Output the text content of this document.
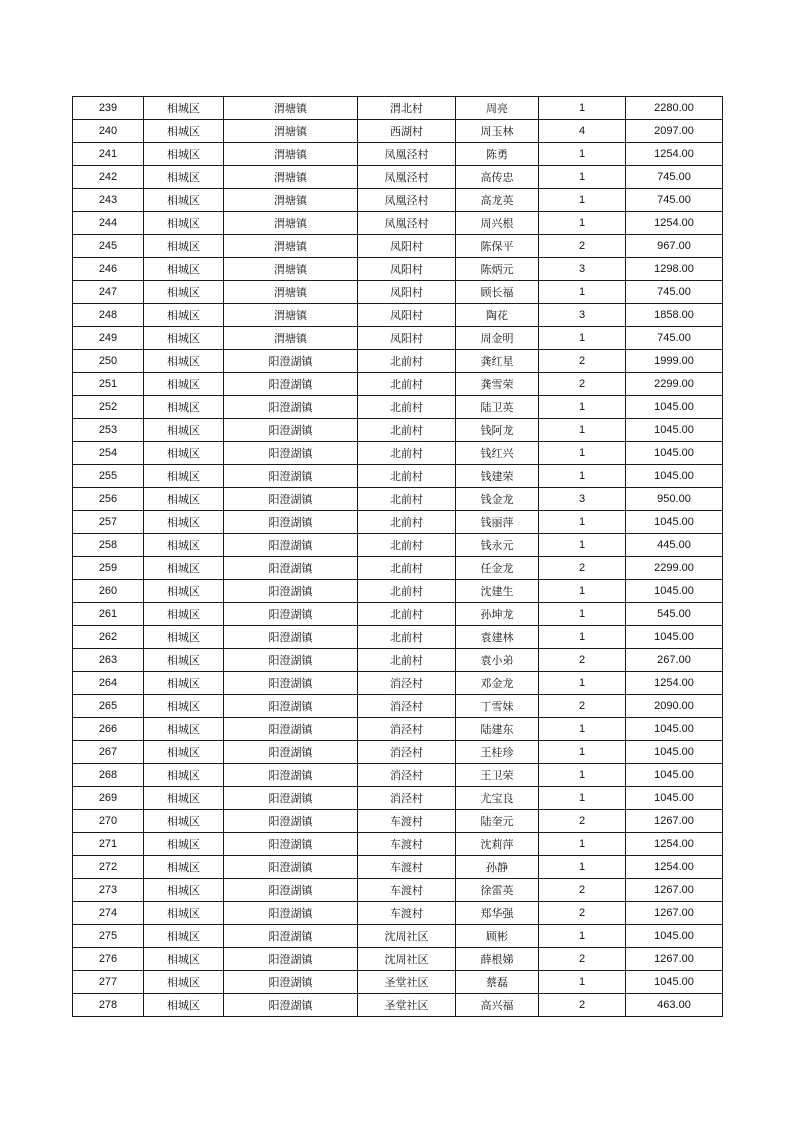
239	相城区	渭塘镇	渭北村	周亮	1	2280.00
240	相城区	渭塘镇	西湖村	周玉林	4	2097.00
241	相城区	渭塘镇	凤凰泾村	陈勇	1	1254.00
242	相城区	渭塘镇	凤凰泾村	高传忠	1	745.00
243	相城区	渭塘镇	凤凰泾村	高龙英	1	745.00
244	相城区	渭塘镇	凤凰泾村	周兴根	1	1254.00
245	相城区	渭塘镇	凤阳村	陈保平	2	967.00
246	相城区	渭塘镇	凤阳村	陈炳元	3	1298.00
247	相城区	渭塘镇	凤阳村	顾长福	1	745.00
248	相城区	渭塘镇	凤阳村	陶花	3	1858.00
249	相城区	渭塘镇	凤阳村	周金明	1	745.00
250	相城区	阳澄湖镇	北前村	龚红星	2	1999.00
251	相城区	阳澄湖镇	北前村	龚雪荣	2	2299.00
252	相城区	阳澄湖镇	北前村	陆卫英	1	1045.00
253	相城区	阳澄湖镇	北前村	钱阿龙	1	1045.00
254	相城区	阳澄湖镇	北前村	钱红兴	1	1045.00
255	相城区	阳澄湖镇	北前村	钱建荣	1	1045.00
256	相城区	阳澄湖镇	北前村	钱金龙	3	950.00
257	相城区	阳澄湖镇	北前村	钱丽萍	1	1045.00
258	相城区	阳澄湖镇	北前村	钱永元	1	445.00
259	相城区	阳澄湖镇	北前村	任金龙	2	2299.00
260	相城区	阳澄湖镇	北前村	沈建生	1	1045.00
261	相城区	阳澄湖镇	北前村	孙坤龙	1	545.00
262	相城区	阳澄湖镇	北前村	袁建林	1	1045.00
263	相城区	阳澄湖镇	北前村	袁小弟	2	267.00
264	相城区	阳澄湖镇	消泾村	邓金龙	1	1254.00
265	相城区	阳澄湖镇	消泾村	丁雪妹	2	2090.00
266	相城区	阳澄湖镇	消泾村	陆建东	1	1045.00
267	相城区	阳澄湖镇	消泾村	王桂珍	1	1045.00
268	相城区	阳澄湖镇	消泾村	王卫荣	1	1045.00
269	相城区	阳澄湖镇	消泾村	尤宝良	1	1045.00
270	相城区	阳澄湖镇	车渡村	陆奎元	2	1267.00
271	相城区	阳澄湖镇	车渡村	沈莉萍	1	1254.00
272	相城区	阳澄湖镇	车渡村	孙静	1	1254.00
273	相城区	阳澄湖镇	车渡村	徐雷英	2	1267.00
274	相城区	阳澄湖镇	车渡村	郑华强	2	1267.00
275	相城区	阳澄湖镇	沈周社区	顾彬	1	1045.00
276	相城区	阳澄湖镇	沈周社区	薛根娣	2	1267.00
277	相城区	阳澄湖镇	圣堂社区	蔡磊	1	1045.00
278	相城区	阳澄湖镇	圣堂社区	高兴福	2	463.00
